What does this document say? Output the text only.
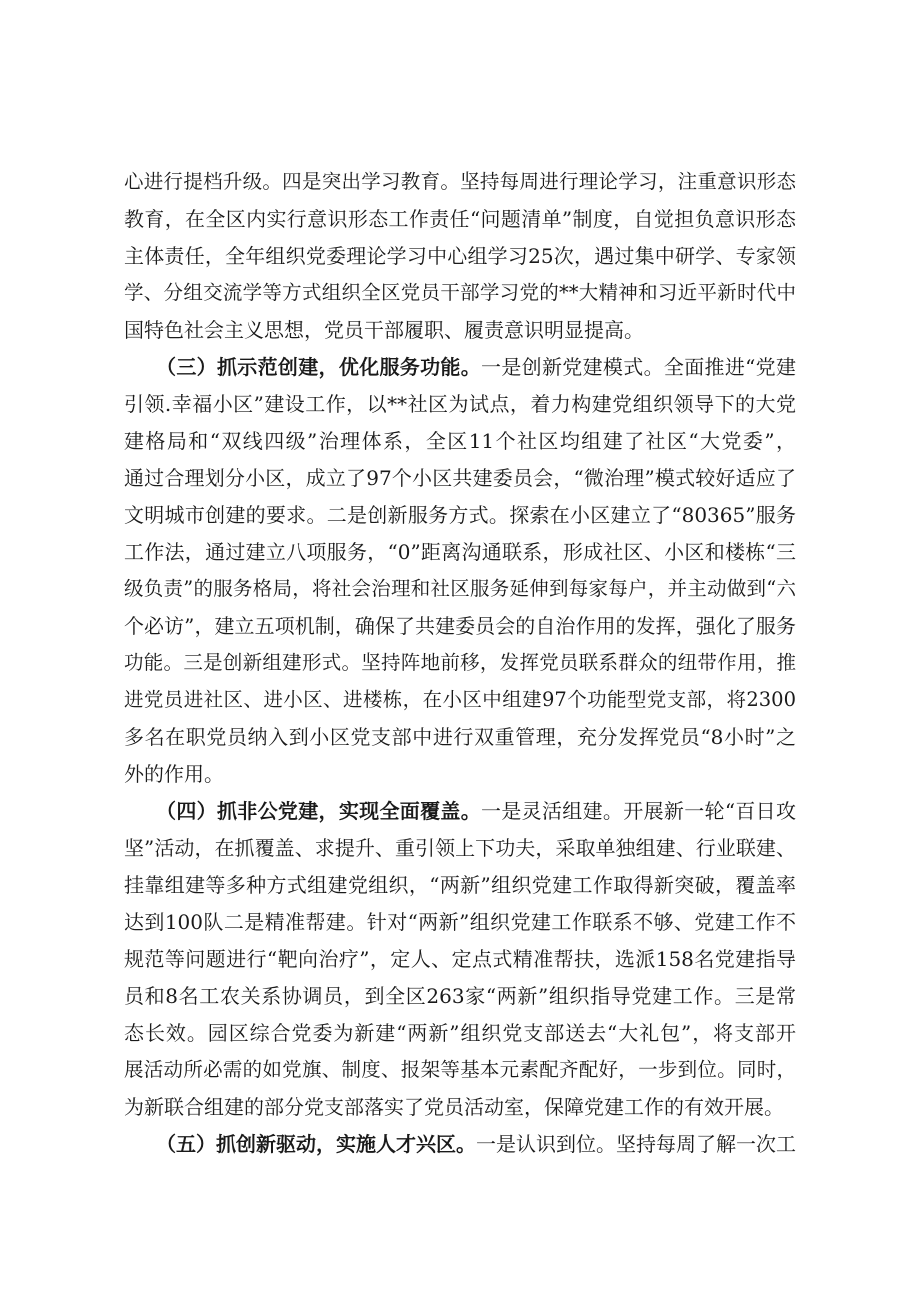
心进行提档升级。四是突出学习教育。坚持每周进行理论学习，注重意识形态
教育，在全区内实行意识形态工作责任“问题清单”制度，自觉担负意识形态
主体责任，全年组织党委理论学习中心组学习25次，遇过集中研学、专家领
学、分组交流学等方式组织全区党员干部学习党的**大精神和习近平新时代中
国特色社会主义思想，党员干部履职、履责意识明显提高。
（三）抓示范创建，优化服务功能。一是创新党建模式。全面推进“党建
引领.幸福小区”建设工作，以**社区为试点，着力构建党组织领导下的大党
建格局和“双线四级”治理体系，全区11个社区均组建了社区“大党委”，
通过合理划分小区，成立了97个小区共建委员会，“微治理”模式较好适应了
文明城市创建的要求。二是创新服务方式。探索在小区建立了“80365”服务
工作法，通过建立八项服务，“0”距离沟通联系，形成社区、小区和楼栋“三
级负责”的服务格局，将社会治理和社区服务延伸到每家每户，并主动做到“六
个必访”，建立五项机制，确保了共建委员会的自治作用的发挥，强化了服务
功能。三是创新组建形式。坚持阵地前移，发挥党员联系群众的纽带作用，推
进党员进社区、进小区、进楼栋，在小区中组建97个功能型党支部，将2300
多名在职党员纳入到小区党支部中进行双重管理，充分发挥党员“8小时”之
外的作用。
（四）抓非公党建，实现全面覆盖。一是灵活组建。开展新一轮“百日攻
坚”活动，在抓覆盖、求提升、重引领上下功夫，采取单独组建、行业联建、
挂靠组建等多种方式组建党组织，“两新”组织党建工作取得新突破，覆盖率
达到100队二是精准帮建。针对“两新”组织党建工作联系不够、党建工作不
规范等问题进行“靶向治疗”，定人、定点式精准帮扶，选派158名党建指导
员和8名工农关系协调员，到全区263家“两新”组织指导党建工作。三是常
态长效。园区综合党委为新建“两新”组织党支部送去“大礼包”，将支部开
展活动所必需的如党旗、制度、报架等基本元素配齐配好，一步到位。同时，
为新联合组建的部分党支部落实了党员活动室，保障党建工作的有效开展。
（五）抓创新驱动，实施人才兴区。一是认识到位。坚持每周了解一次工
